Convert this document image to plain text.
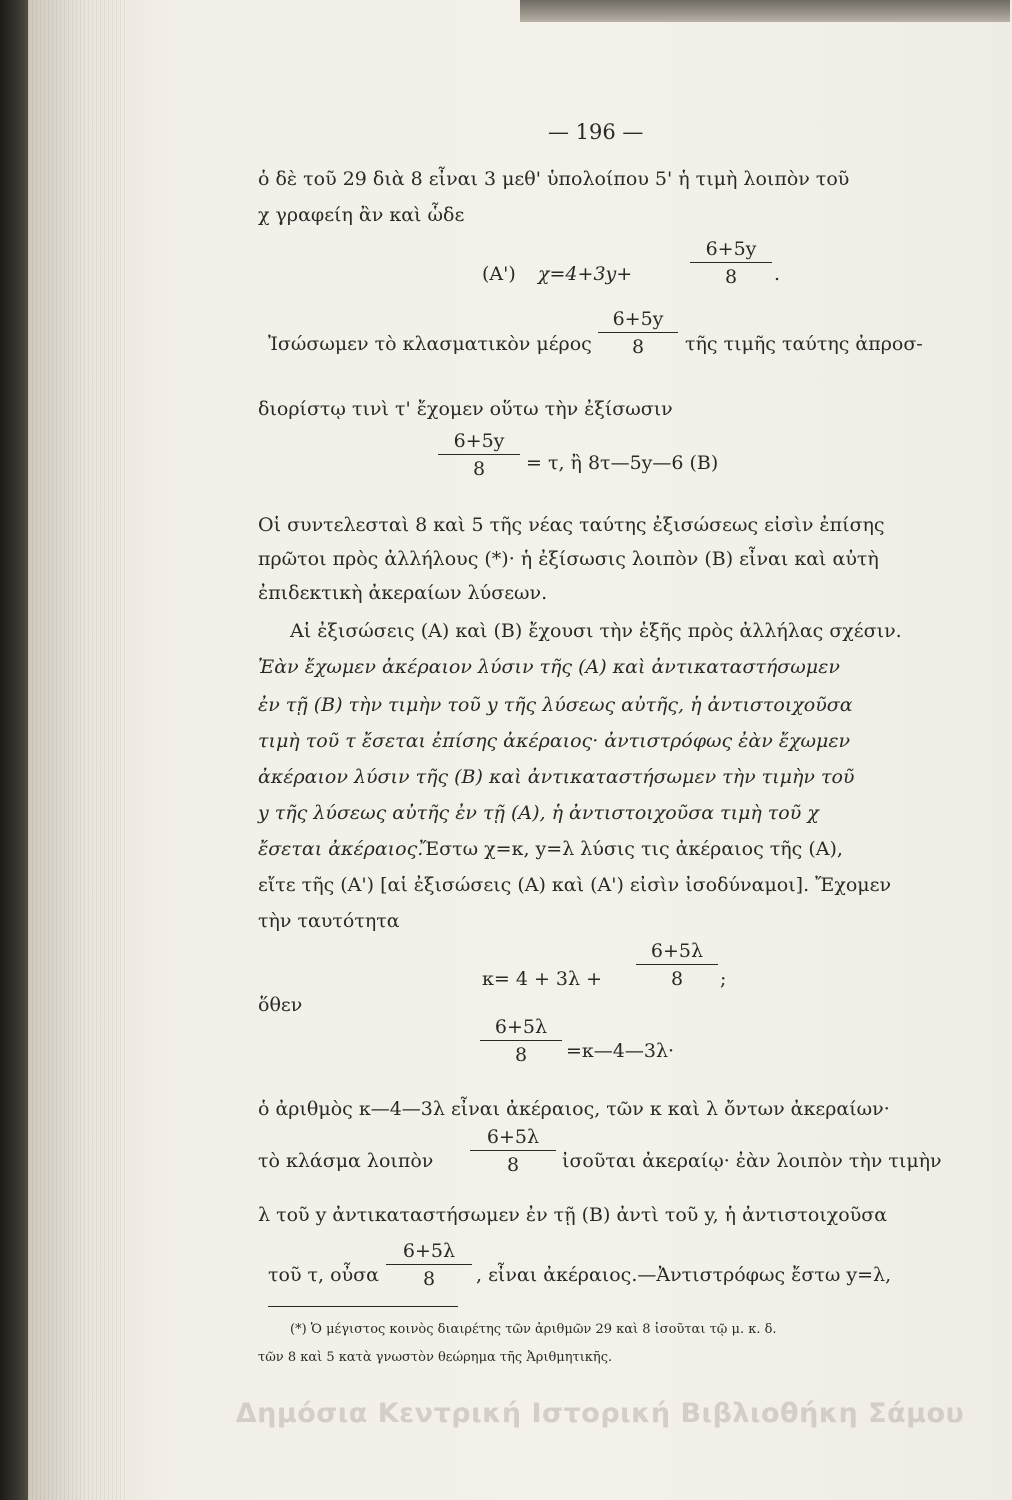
— 196 —
ὁ δὲ τοῦ 29 διὰ 8 εἶναι 3 μεθ' ὑπολοίπου 5' ἡ τιμὴ λοιπὸν τοῦ
χ γραφείη ἂν καὶ ὧδε
(Α') χ=4+3y+
6+5y
8	.
Ἰσώσωμεν τὸ κλασματικὸν μέρος
6+5y
8	τῆς τιμῆς ταύτης ἀπροσ-
διορίστῳ τινὶ τ' ἔχομεν οὕτω τὴν ἐξίσωσιν
6+5y
8	= τ, ἢ 8τ—5y—6 (Β)
Οἱ συντελεσταὶ 8 καὶ 5 τῆς νέας ταύτης ἐξισώσεως εἰσὶν ἐπίσης
πρῶτοι πρὸς ἀλλήλους (*)· ἡ ἐξίσωσις λοιπὸν (Β) εἶναι καὶ αὐτὴ
ἐπιδεκτικὴ ἀκεραίων λύσεων.
Αἱ ἐξισώσεις (Α) καὶ (Β) ἔχουσι τὴν ἑξῆς πρὸς ἀλλήλας σχέσιν.
Ἐὰν ἔχωμεν ἀκέραιον λύσιν τῆς (Α) καὶ ἀντικαταστήσωμεν
ἐν τῇ (Β) τὴν τιμὴν τοῦ y τῆς λύσεως αὐτῆς, ἡ ἀντιστοιχοῦσα
τιμὴ τοῦ τ ἔσεται ἐπίσης ἀκέραιος· ἀντιστρόφως ἐὰν ἔχωμεν
ἀκέραιον λύσιν τῆς (Β) καὶ ἀντικαταστήσωμεν τὴν τιμὴν τοῦ
y τῆς λύσεως αὐτῆς ἐν τῇ (Α), ἡ ἀντιστοιχοῦσα τιμὴ τοῦ χ
ἔσεται ἀκέραιος.
Ἔστω χ=κ, y=λ λύσις τις ἀκέραιος τῆς (Α),
εἴτε τῆς (Α') [αἱ ἐξισώσεις (Α) καὶ (Α') εἰσὶν ἰσοδύναμοι]. Ἔχομεν
τὴν ταυτότητα
κ= 4 + 3λ +
6+5λ
8	;
ὅθεν
6+5λ
8	=κ—4—3λ·
ὁ ἀριθμὸς κ—4—3λ εἶναι ἀκέραιος, τῶν κ καὶ λ ὄντων ἀκεραίων·
τὸ κλάσμα λοιπὸν
6+5λ
8	ἰσοῦται ἀκεραίῳ· ἐὰν λοιπὸν τὴν τιμὴν
λ τοῦ y ἀντικαταστήσωμεν ἐν τῇ (Β) ἀντὶ τοῦ y, ἡ ἀντιστοιχοῦσα
τοῦ τ, οὖσα
6+5λ
8	, εἶναι ἀκέραιος.—Ἀντιστρόφως ἔστω y=λ,
(*) Ὁ μέγιστος κοινὸς διαιρέτης τῶν ἀριθμῶν 29 καὶ 8 ἰσοῦται τῷ μ. κ. δ.
τῶν 8 καὶ 5 κατὰ γνωστὸν θεώρημα τῆς Ἀριθμητικῆς.
Δημόσια Κεντρική Ιστορική Βιβλιοθήκη Σάμου
